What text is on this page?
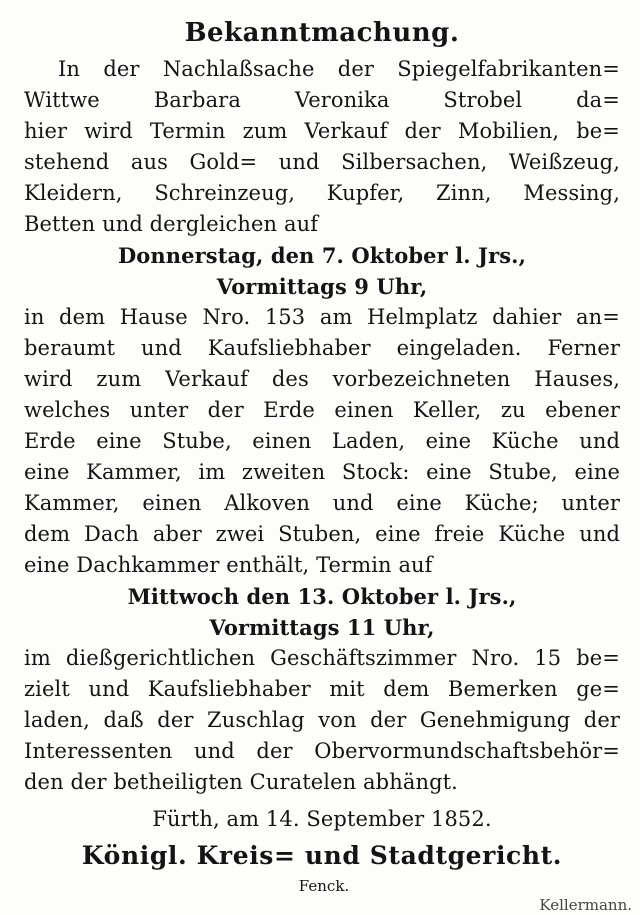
Bekanntmachung.
In der Nachlaßsache der Spiegelfabrikanten=
Wittwe Barbara Veronika Strobel da=
hier wird Termin zum Verkauf der Mobilien, be=
stehend aus Gold= und Silbersachen, Weißzeug,
Kleidern, Schreinzeug, Kupfer, Zinn, Messing,
Betten und dergleichen auf
Donnerstag, den 7. Oktober l. Jrs.,
Vormittags 9 Uhr,
in dem Hause Nro. 153 am Helmplatz dahier an=
beraumt und Kaufsliebhaber eingeladen. Ferner
wird zum Verkauf des vorbezeichneten Hauses,
welches unter der Erde einen Keller, zu ebener
Erde eine Stube, einen Laden, eine Küche und
eine Kammer, im zweiten Stock: eine Stube, eine
Kammer, einen Alkoven und eine Küche; unter
dem Dach aber zwei Stuben, eine freie Küche und
eine Dachkammer enthält, Termin auf
Mittwoch den 13. Oktober l. Jrs.,
Vormittags 11 Uhr,
im dießgerichtlichen Geschäftszimmer Nro. 15 be=
zielt und Kaufsliebhaber mit dem Bemerken ge=
laden, daß der Zuschlag von der Genehmigung der
Interessenten und der Obervormundschaftsbehör=
den der betheiligten Curatelen abhängt.
Fürth, am 14. September 1852.
Königl. Kreis= und Stadtgericht.
Fenck.
Kellermann.
